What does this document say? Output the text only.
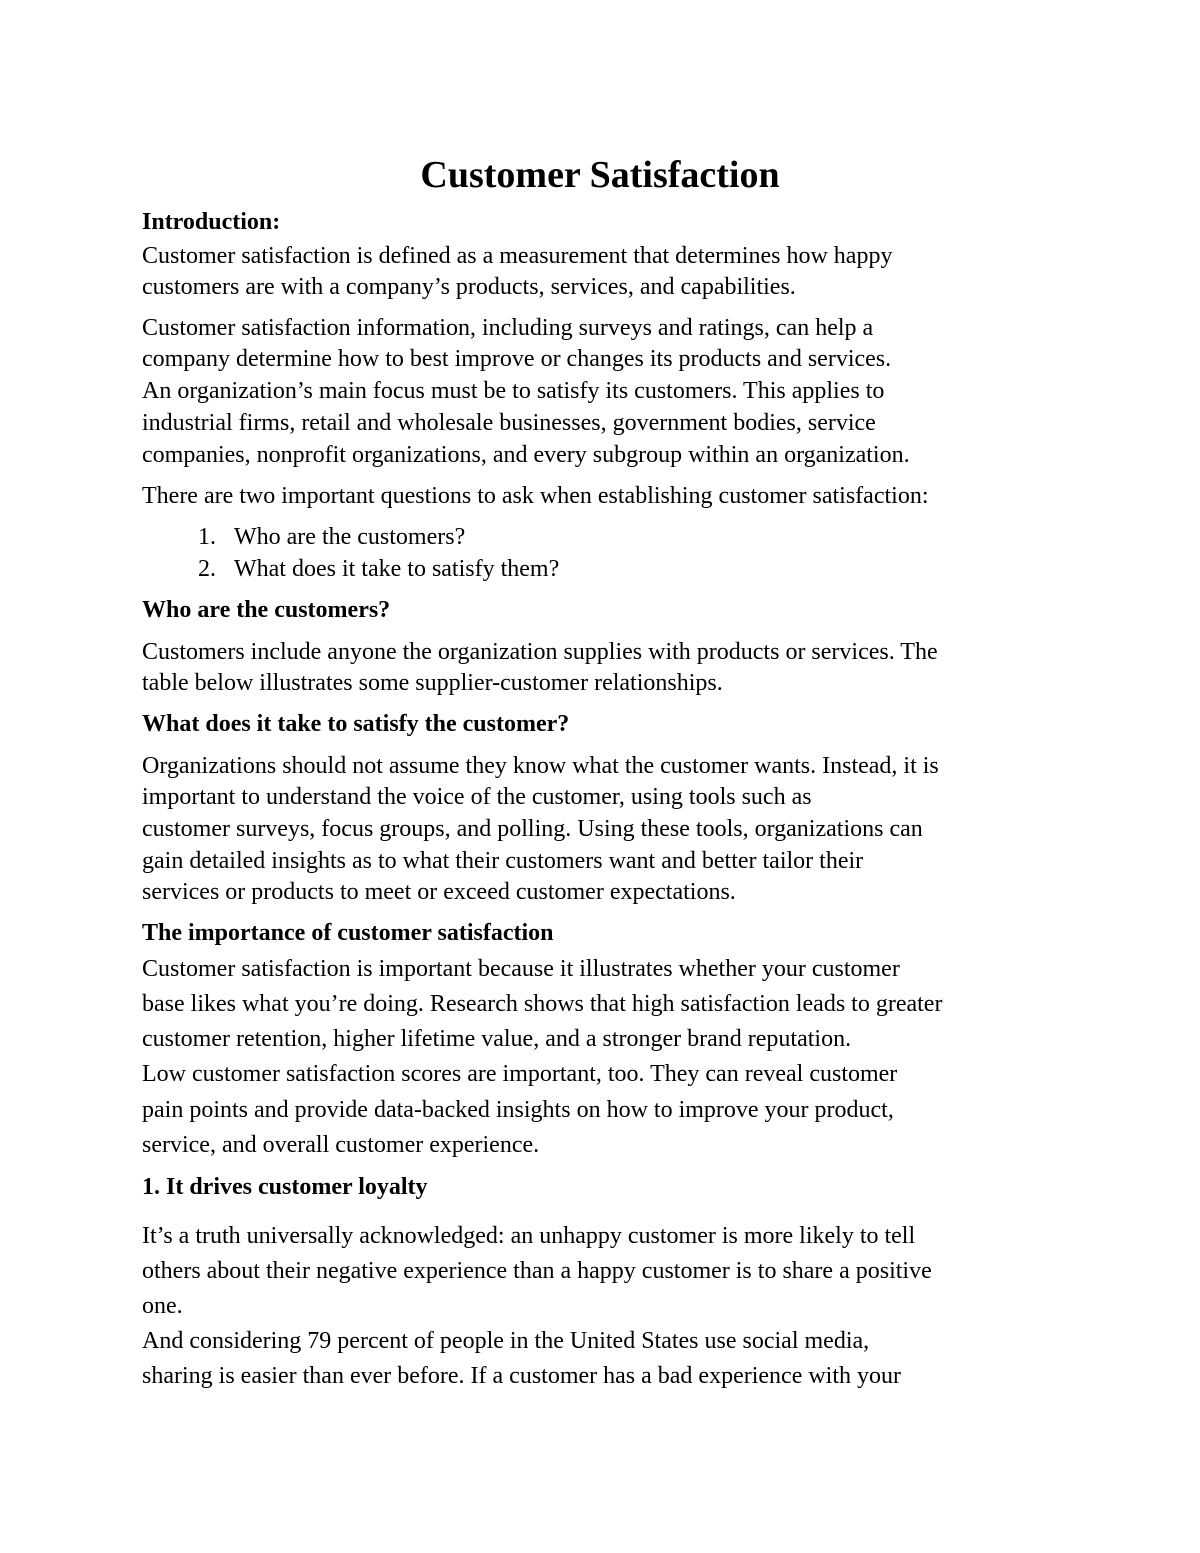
Customer Satisfaction
Introduction:
Customer satisfaction is defined as a measurement that determines how happy
customers are with a company’s products, services, and capabilities.
Customer satisfaction information, including surveys and ratings, can help a
company determine how to best improve or changes its products and services.
An organization’s main focus must be to satisfy its customers. This applies to
industrial firms, retail and wholesale businesses, government bodies, service
companies, nonprofit organizations, and every subgroup within an organization.
There are two important questions to ask when establishing customer satisfaction:
1. Who are the customers?
2. What does it take to satisfy them?
Who are the customers?
Customers include anyone the organization supplies with products or services. The
table below illustrates some supplier-customer relationships.
What does it take to satisfy the customer?
Organizations should not assume they know what the customer wants. Instead, it is
important to understand the voice of the customer, using tools such as
customer surveys, focus groups, and polling. Using these tools, organizations can
gain detailed insights as to what their customers want and better tailor their
services or products to meet or exceed customer expectations.
The importance of customer satisfaction
Customer satisfaction is important because it illustrates whether your customer
base likes what you’re doing. Research shows that high satisfaction leads to greater
customer retention, higher lifetime value, and a stronger brand reputation.
Low customer satisfaction scores are important, too. They can reveal customer
pain points and provide data-backed insights on how to improve your product,
service, and overall customer experience.
1. It drives customer loyalty
It’s a truth universally acknowledged: an unhappy customer is more likely to tell
others about their negative experience than a happy customer is to share a positive
one.
And considering 79 percent of people in the United States use social media,
sharing is easier than ever before. If a customer has a bad experience with your
